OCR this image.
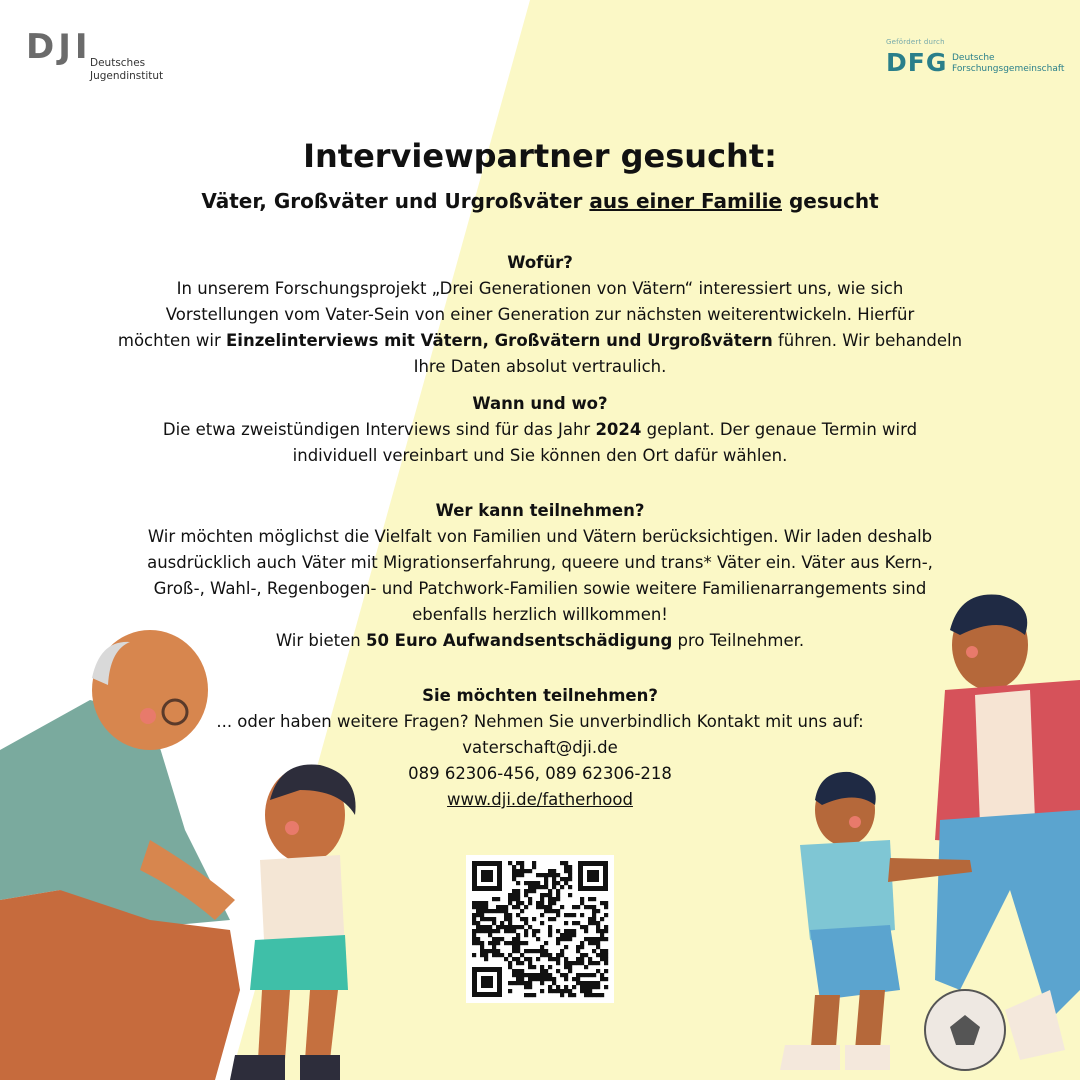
DJI
Deutsches
Jugendinstitut
Gefördert durch
DFG Deutsche
Forschungsgemeinschaft
Interviewpartner gesucht:
Väter, Großväter und Urgroßväter aus einer Familie gesucht
Wofür?
In unserem Forschungsprojekt „Drei Generationen von Vätern“ interessiert uns, wie sich
Vorstellungen vom Vater-Sein von einer Generation zur nächsten weiterentwickeln. Hierfür
möchten wir Einzelinterviews mit Vätern, Großvätern und Urgroßvätern führen. Wir behandeln
Ihre Daten absolut vertraulich.
Wann und wo?
Die etwa zweistündigen Interviews sind für das Jahr 2024 geplant. Der genaue Termin wird
individuell vereinbart und Sie können den Ort dafür wählen.
Wer kann teilnehmen?
Wir möchten möglichst die Vielfalt von Familien und Vätern berücksichtigen. Wir laden deshalb
ausdrücklich auch Väter mit Migrationserfahrung, queere und trans* Väter ein. Väter aus Kern-,
Groß-, Wahl-, Regenbogen- und Patchwork-Familien sowie weitere Familienarrangements sind
ebenfalls herzlich willkommen!
Wir bieten 50 Euro Aufwandsentschädigung pro Teilnehmer.
Sie möchten teilnehmen?
... oder haben weitere Fragen? Nehmen Sie unverbindlich Kontakt mit uns auf:
vaterschaft@dji.de
089 62306-456, 089 62306-218
www.dji.de/fatherhood
